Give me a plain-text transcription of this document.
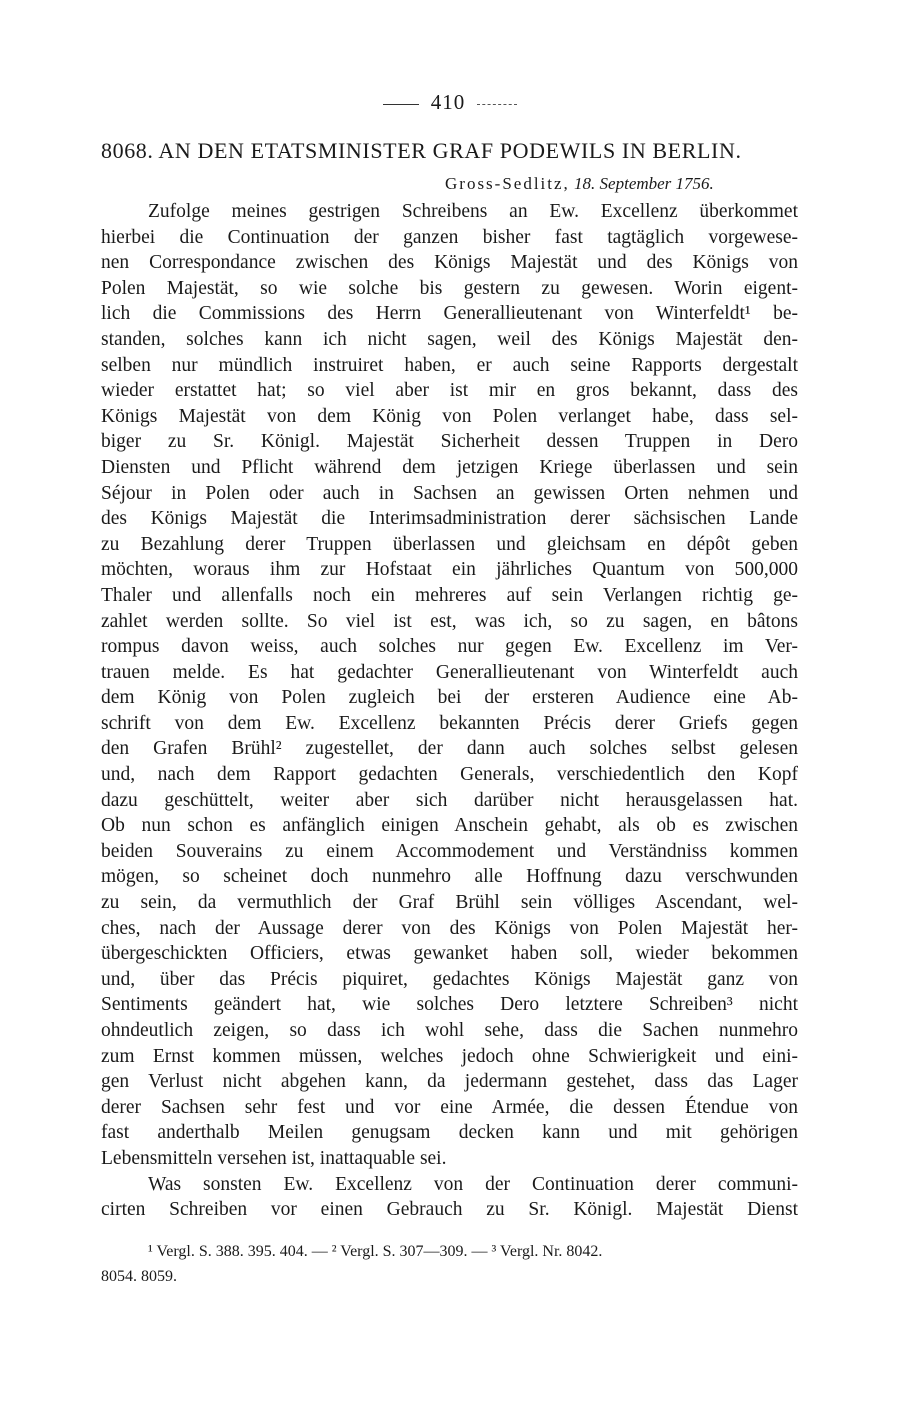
410
8068. AN DEN ETATSMINISTER GRAF PODEWILS IN BERLIN.
Gross-Sedlitz, 18. September 1756.
Zufolge meines gestrigen Schreibens an Ew. Excellenz überkommet
hierbei die Continuation der ganzen bisher fast tagtäglich vorgewese-
nen Correspondance zwischen des Königs Majestät und des Königs von
Polen Majestät, so wie solche bis gestern zu gewesen. Worin eigent-
lich die Commissions des Herrn Generallieutenant von Winterfeldt¹ be-
standen, solches kann ich nicht sagen, weil des Königs Majestät den-
selben nur mündlich instruiret haben, er auch seine Rapports dergestalt
wieder erstattet hat; so viel aber ist mir en gros bekannt, dass des
Königs Majestät von dem König von Polen verlanget habe, dass sel-
biger zu Sr. Königl. Majestät Sicherheit dessen Truppen in Dero
Diensten und Pflicht während dem jetzigen Kriege überlassen und sein
Séjour in Polen oder auch in Sachsen an gewissen Orten nehmen und
des Königs Majestät die Interimsadministration derer sächsischen Lande
zu Bezahlung derer Truppen überlassen und gleichsam en dépôt geben
möchten, woraus ihm zur Hofstaat ein jährliches Quantum von 500,000
Thaler und allenfalls noch ein mehreres auf sein Verlangen richtig ge-
zahlet werden sollte. So viel ist est, was ich, so zu sagen, en bâtons
rompus davon weiss, auch solches nur gegen Ew. Excellenz im Ver-
trauen melde. Es hat gedachter Generallieutenant von Winterfeldt auch
dem König von Polen zugleich bei der ersteren Audience eine Ab-
schrift von dem Ew. Excellenz bekannten Précis derer Griefs gegen
den Grafen Brühl² zugestellet, der dann auch solches selbst gelesen
und, nach dem Rapport gedachten Generals, verschiedentlich den Kopf
dazu geschüttelt, weiter aber sich darüber nicht herausgelassen hat.
Ob nun schon es anfänglich einigen Anschein gehabt, als ob es zwischen
beiden Souverains zu einem Accommodement und Verständniss kommen
mögen, so scheinet doch nunmehro alle Hoffnung dazu verschwunden
zu sein, da vermuthlich der Graf Brühl sein völliges Ascendant, wel-
ches, nach der Aussage derer von des Königs von Polen Majestät her-
übergeschickten Officiers, etwas gewanket haben soll, wieder bekommen
und, über das Précis piquiret, gedachtes Königs Majestät ganz von
Sentiments geändert hat, wie solches Dero letztere Schreiben³ nicht
ohndeutlich zeigen, so dass ich wohl sehe, dass die Sachen nunmehro
zum Ernst kommen müssen, welches jedoch ohne Schwierigkeit und eini-
gen Verlust nicht abgehen kann, da jedermann gestehet, dass das Lager
derer Sachsen sehr fest und vor eine Armée, die dessen Étendue von
fast anderthalb Meilen genugsam decken kann und mit gehörigen
Lebensmitteln versehen ist, inattaquable sei.
Was sonsten Ew. Excellenz von der Continuation derer communi-
cirten Schreiben vor einen Gebrauch zu Sr. Königl. Majestät Dienst
¹ Vergl. S. 388. 395. 404. — ² Vergl. S. 307—309. — ³ Vergl. Nr. 8042.
8054. 8059.
